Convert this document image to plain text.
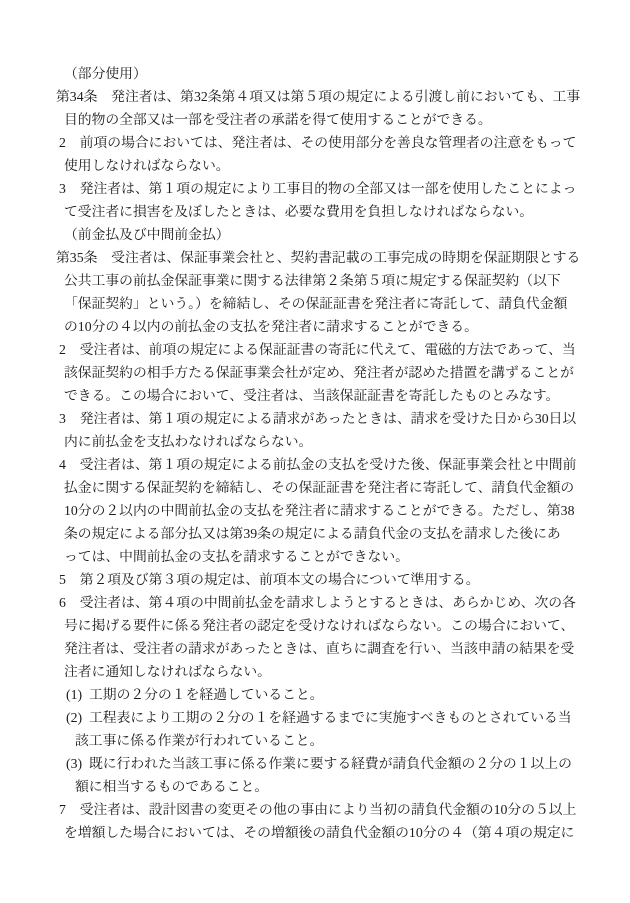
（部分使用）
第34条　発注者は、第32条第４項又は第５項の規定による引渡し前においても、工事
目的物の全部又は一部を受注者の承諾を得て使用することができる。
2　前項の場合においては、発注者は、その使用部分を善良な管理者の注意をもって
使用しなければならない。
3　発注者は、第１項の規定により工事目的物の全部又は一部を使用したことによっ
て受注者に損害を及ぼしたときは、必要な費用を負担しなければならない。
（前金払及び中間前金払）
第35条　受注者は、保証事業会社と、契約書記載の工事完成の時期を保証期限とする
公共工事の前払金保証事業に関する法律第２条第５項に規定する保証契約（以下
「保証契約」という。）を締結し、その保証証書を発注者に寄託して、請負代金額
の10分の４以内の前払金の支払を発注者に請求することができる。
2　受注者は、前項の規定による保証証書の寄託に代えて、電磁的方法であって、当
該保証契約の相手方たる保証事業会社が定め、発注者が認めた措置を講ずることが
できる。この場合において、受注者は、当該保証証書を寄託したものとみなす。
3　発注者は、第１項の規定による請求があったときは、請求を受けた日から30日以
内に前払金を支払わなければならない。
4　受注者は、第１項の規定による前払金の支払を受けた後、保証事業会社と中間前
払金に関する保証契約を締結し、その保証証書を発注者に寄託して、請負代金額の
10分の２以内の中間前払金の支払を発注者に請求することができる。ただし、第38
条の規定による部分払又は第39条の規定による請負代金の支払を請求した後にあ
っては、中間前払金の支払を請求することができない。
5　第２項及び第３項の規定は、前項本文の場合について準用する。
6　受注者は、第４項の中間前払金を請求しようとするときは、あらかじめ、次の各
号に掲げる要件に係る発注者の認定を受けなければならない。この場合において、
発注者は、受注者の請求があったときは、直ちに調査を行い、当該申請の結果を受
注者に通知しなければならない。
(1)  工期の２分の１を経過していること。
(2)  工程表により工期の２分の１を経過するまでに実施すべきものとされている当
該工事に係る作業が行われていること。
(3)  既に行われた当該工事に係る作業に要する経費が請負代金額の２分の１以上の
額に相当するものであること。
7　受注者は、設計図書の変更その他の事由により当初の請負代金額の10分の５以上
を増額した場合においては、その増額後の請負代金額の10分の４（第４項の規定に
